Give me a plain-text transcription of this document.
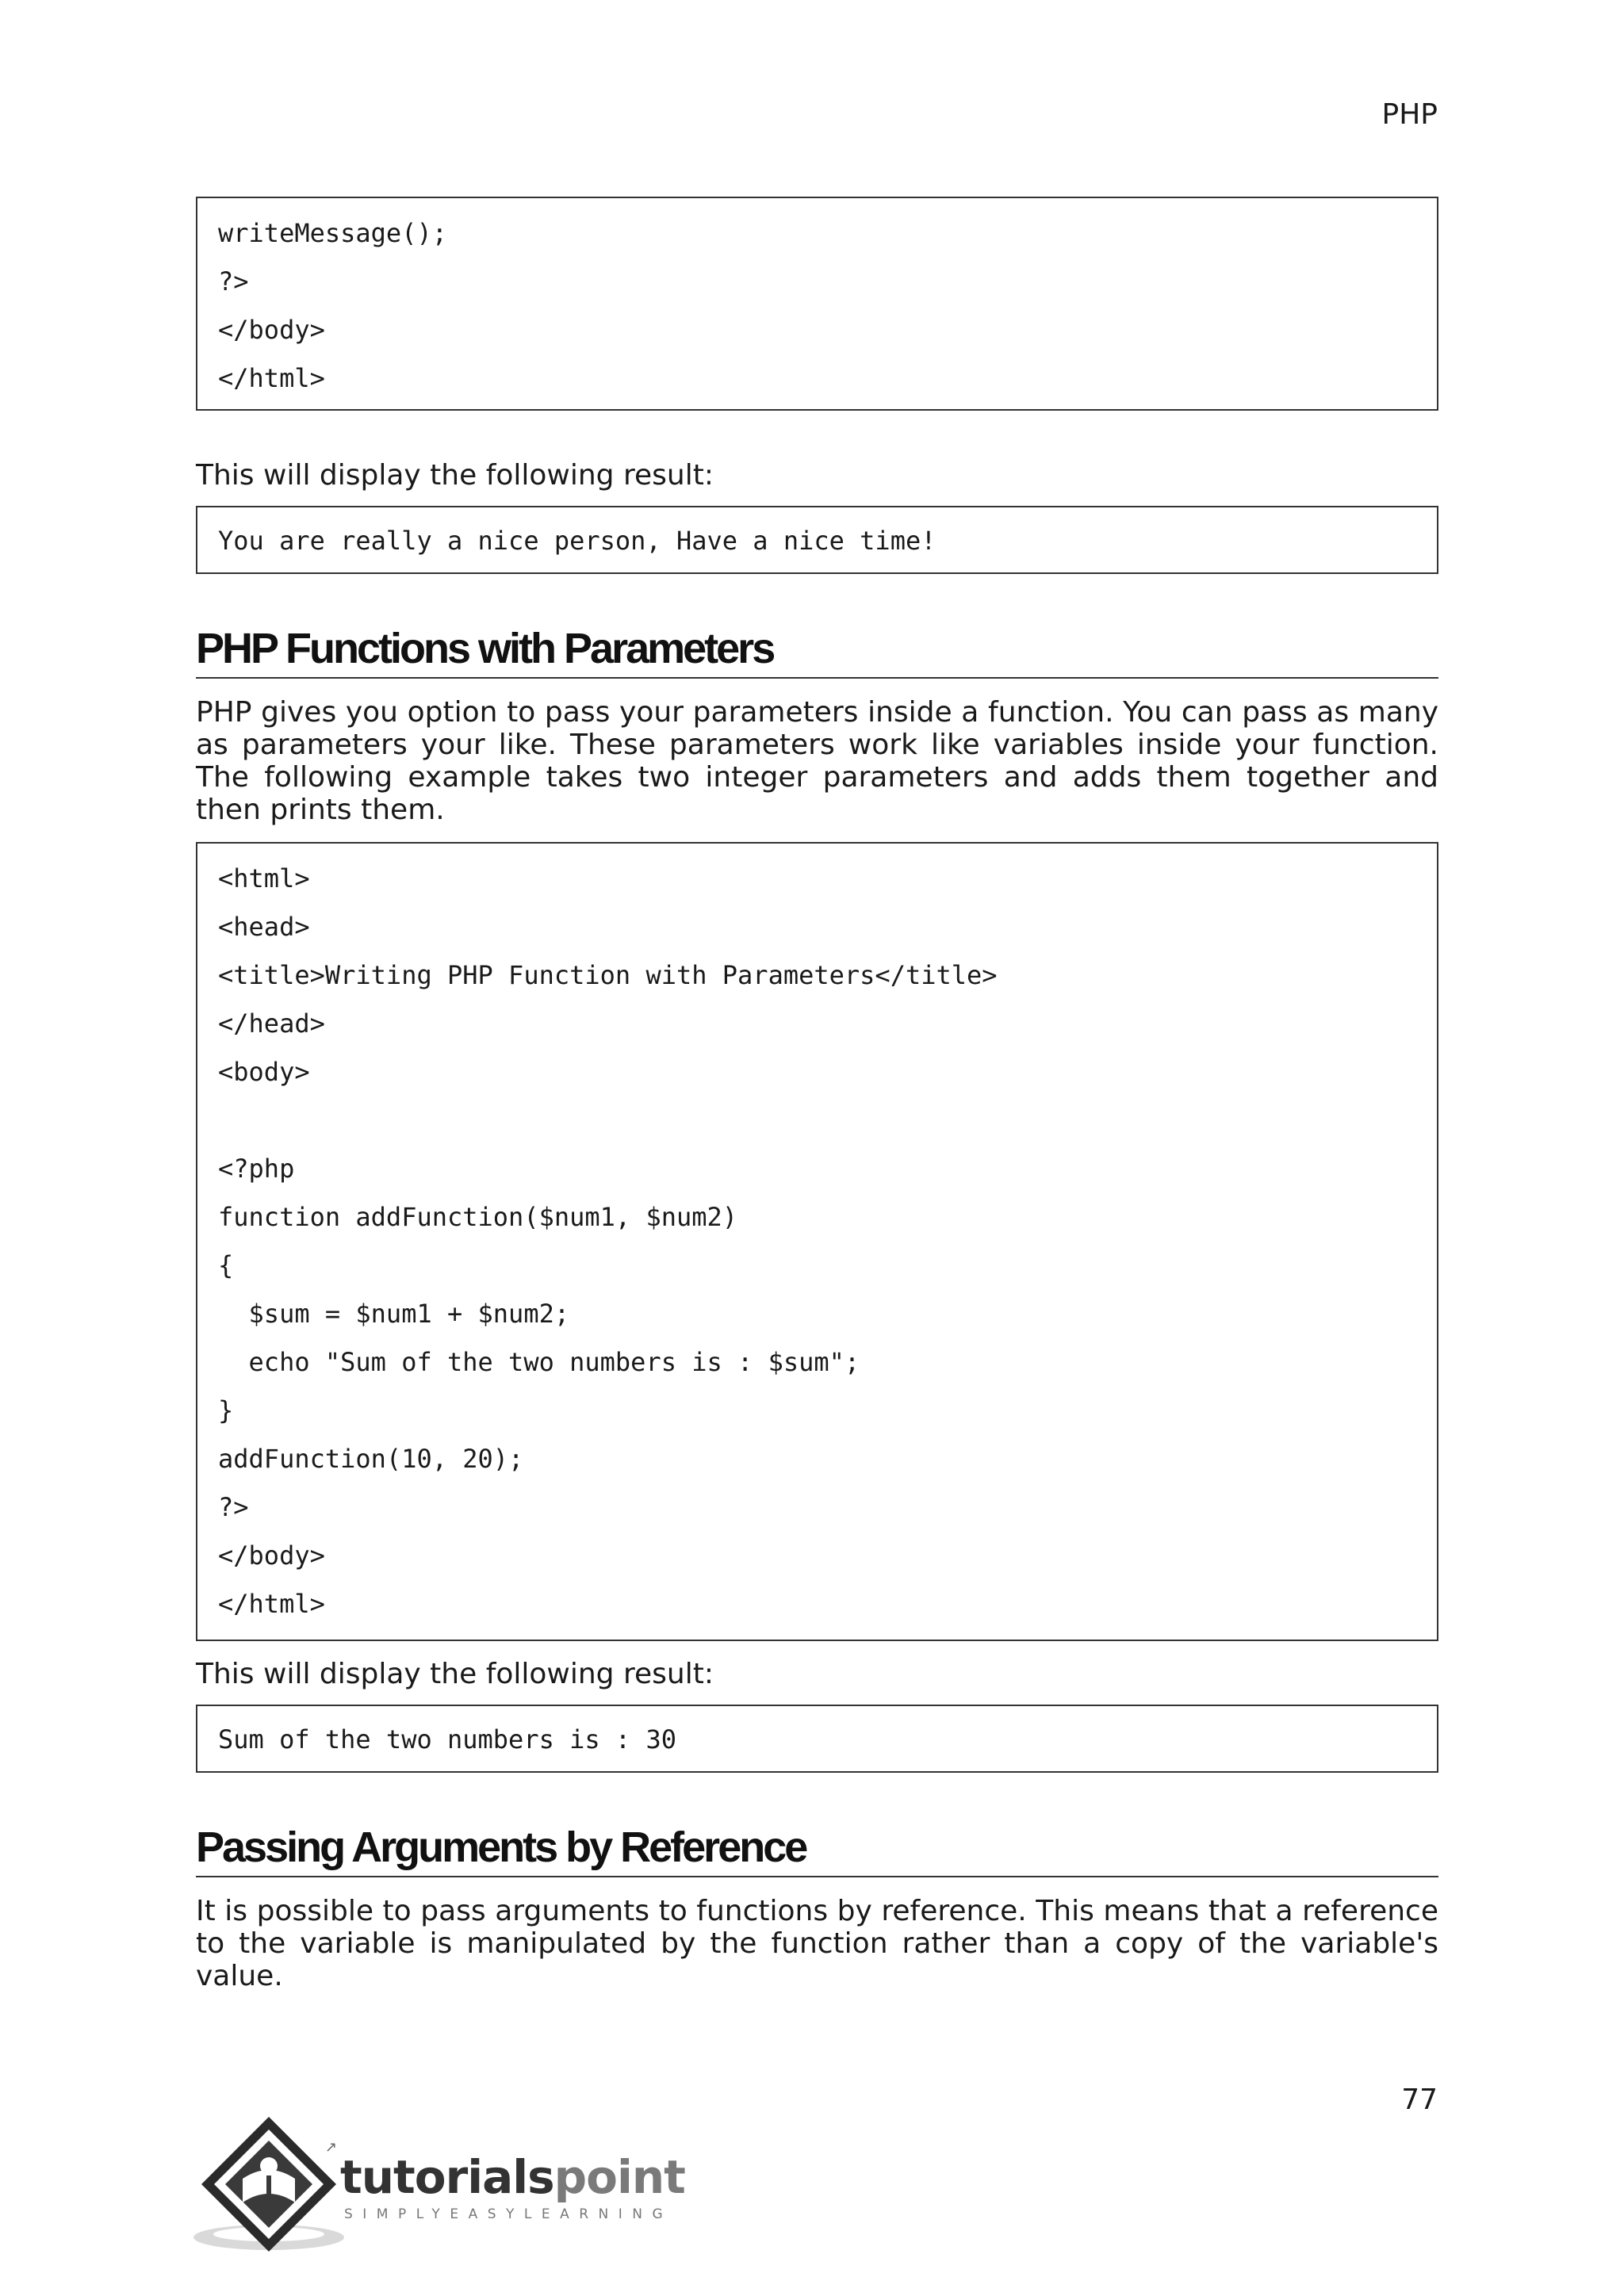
PHP
writeMessage();
?>
</body>
</html>
This will display the following result:
You are really a nice person, Have a nice time!
PHP Functions with Parameters

PHP gives you option to pass your parameters inside a function. You can pass as many as parameters your like. These parameters work like variables inside your function. The following example takes two integer parameters and adds them together and then prints them.

<html>
<head>
<title>Writing PHP Function with Parameters</title>
</head>
<body>
<?php
function addFunction($num1, $num2)
{
$sum = $num1 + $num2;
echo "Sum of the two numbers is : $sum";
}
addFunction(10, 20);
?>
</body>
</html>
This will display the following result:
Sum of the two numbers is : 30
Passing Arguments by Reference

It is possible to pass arguments to functions by reference. This means that a reference to the variable is manipulated by the function rather than a copy of the variable's value.

77
↗
tutorialspoint
SIMPLYEASYLEARNING
